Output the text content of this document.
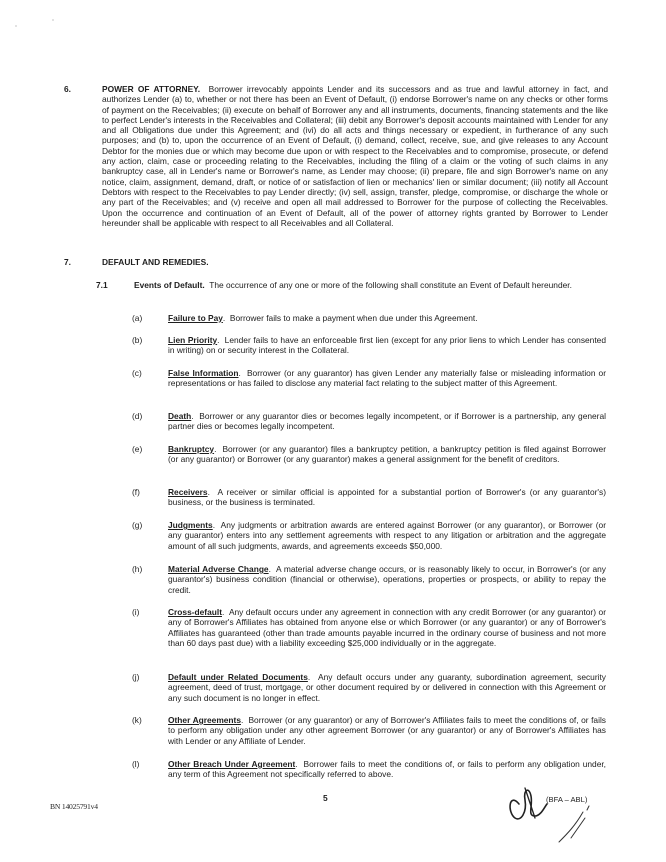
6.	POWER OF ATTORNEY. Borrower irrevocably appoints Lender and its successors and as true and lawful attorney in fact, and authorizes Lender (a) to, whether or not there has been an Event of Default, (i) endorse Borrower's name on any checks or other forms of payment on the Receivables; (ii) execute on behalf of Borrower any and all instruments, documents, financing statements and the like to perfect Lender's interests in the Receivables and Collateral; (iii) debit any Borrower's deposit accounts maintained with Lender for any and all Obligations due under this Agreement; and (ivi) do all acts and things necessary or expedient, in furtherance of any such purposes; and (b) to, upon the occurrence of an Event of Default, (i) demand, collect, receive, sue, and give releases to any Account Debtor for the monies due or which may become due upon or with respect to the Receivables and to compromise, prosecute, or defend any action, claim, case or proceeding relating to the Receivables, including the filing of a claim or the voting of such claims in any bankruptcy case, all in Lender's name or Borrower's name, as Lender may choose; (ii) prepare, file and sign Borrower's name on any notice, claim, assignment, demand, draft, or notice of or satisfaction of lien or mechanics' lien or similar document; (iii) notify all Account Debtors with respect to the Receivables to pay Lender directly; (iv) sell, assign, transfer, pledge, compromise, or discharge the whole or any part of the Receivables; and (v) receive and open all mail addressed to Borrower for the purpose of collecting the Receivables. Upon the occurrence and continuation of an Event of Default, all of the power of attorney rights granted by Borrower to Lender hereunder shall be applicable with respect to all Receivables and all Collateral.
7.	DEFAULT AND REMEDIES.
7.1	Events of Default. The occurrence of any one or more of the following shall constitute an Event of Default hereunder.
(a)	Failure to Pay.  Borrower fails to make a payment when due under this Agreement.
(b)	Lien Priority.  Lender fails to have an enforceable first lien (except for any prior liens to which Lender has consented in writing) on or security interest in the Collateral.
(c)	False Information.  Borrower (or any guarantor) has given Lender any materially false or misleading information or representations or has failed to disclose any material fact relating to the subject matter of this Agreement.
(d)	Death.  Borrower or any guarantor dies or becomes legally incompetent, or if Borrower is a partnership, any general partner dies or becomes legally incompetent.
(e)	Bankruptcy.  Borrower (or any guarantor) files a bankruptcy petition, a bankruptcy petition is filed against Borrower (or any guarantor) or Borrower (or any guarantor) makes a general assignment for the benefit of creditors.
(f)	Receivers.  A receiver or similar official is appointed for a substantial portion of Borrower's (or any guarantor's) business, or the business is terminated.
(g)	Judgments.  Any judgments or arbitration awards are entered against Borrower (or any guarantor), or Borrower (or any guarantor) enters into any settlement agreements with respect to any litigation or arbitration and the aggregate amount of all such judgments, awards, and agreements exceeds $50,000.
(h)	Material Adverse Change.  A material adverse change occurs, or is reasonably likely to occur, in Borrower's (or any guarantor's) business condition (financial or otherwise), operations, properties or prospects, or ability to repay the credit.
(i)	Cross-default.  Any default occurs under any agreement in connection with any credit Borrower (or any guarantor) or any of Borrower's Affiliates has obtained from anyone else or which Borrower (or any guarantor) or any of Borrower's Affiliates has guaranteed (other than trade amounts payable incurred in the ordinary course of business and not more than 60 days past due) with a liability exceeding $25,000 individually or in the aggregate.
(j)	Default under Related Documents.  Any default occurs under any guaranty, subordination agreement, security agreement, deed of trust, mortgage, or other document required by or delivered in connection with this Agreement or any such document is no longer in effect.
(k)	Other Agreements.  Borrower (or any guarantor) or any of Borrower's Affiliates fails to meet the conditions of, or fails to perform any obligation under any other agreement Borrower (or any guarantor) or any of Borrower's Affiliates has with Lender or any Affiliate of Lender.
(l)	Other Breach Under Agreement.  Borrower fails to meet the conditions of, or fails to perform any obligation under, any term of this Agreement not specifically referred to above.
BN 14025791v4
5	(BFA – ABL)
